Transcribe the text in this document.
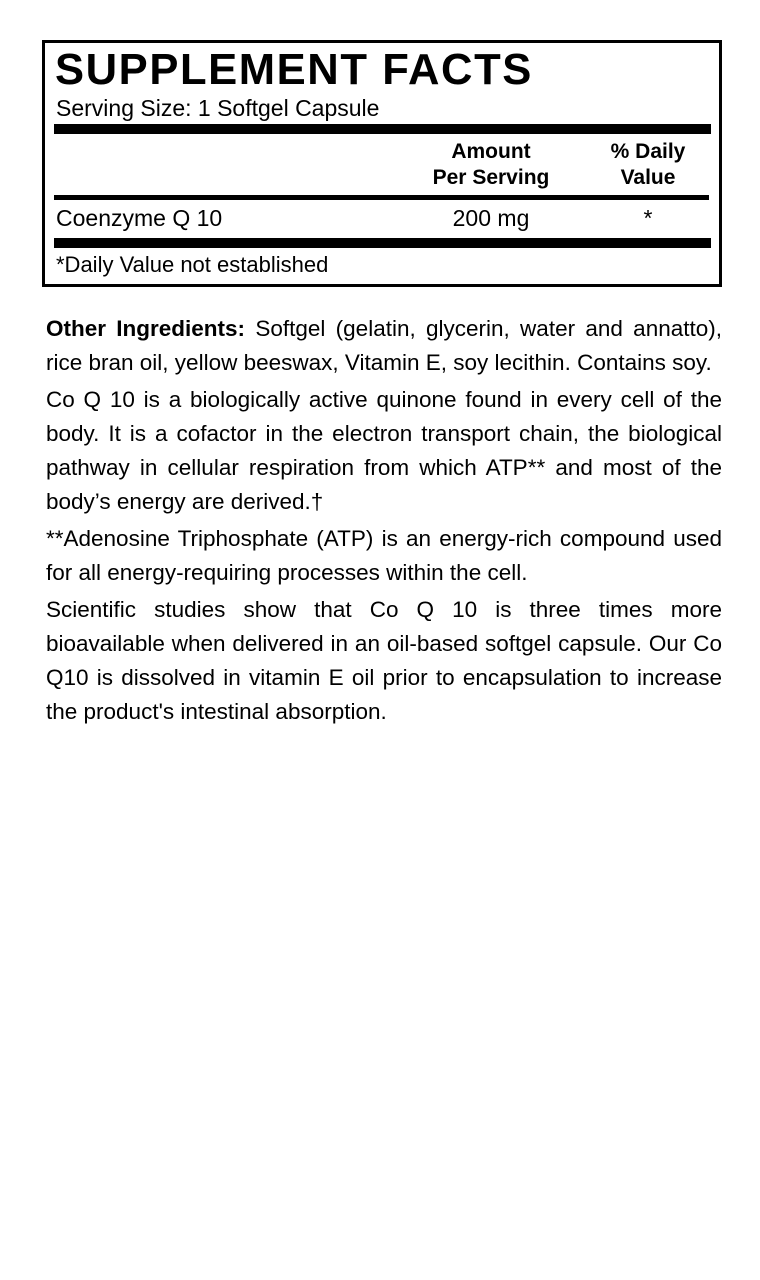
SUPPLEMENT FACTS
Serving Size: 1 Softgel Capsule
Amount
Per Serving
% Daily
Value
Coenzyme Q 10	200 mg	*
*Daily Value not established

Other Ingredients: Softgel (gelatin, glycerin, water and annatto), rice bran oil, yellow beeswax, Vitamin E, soy lecithin. Contains soy.

Co Q 10 is a biologically active quinone found in every cell of the body. It is a cofactor in the electron transport chain, the biological pathway in cellular respiration from which ATP** and most of the body’s energy are derived.†

**Adenosine Triphosphate (ATP) is an energy-rich compound used for all energy-requiring processes within the cell.

Scientific studies show that Co Q 10 is three times more bioavailable when delivered in an oil-based softgel capsule. Our Co Q10 is dissolved in vitamin E oil prior to encapsulation to increase the product's intestinal absorption.
